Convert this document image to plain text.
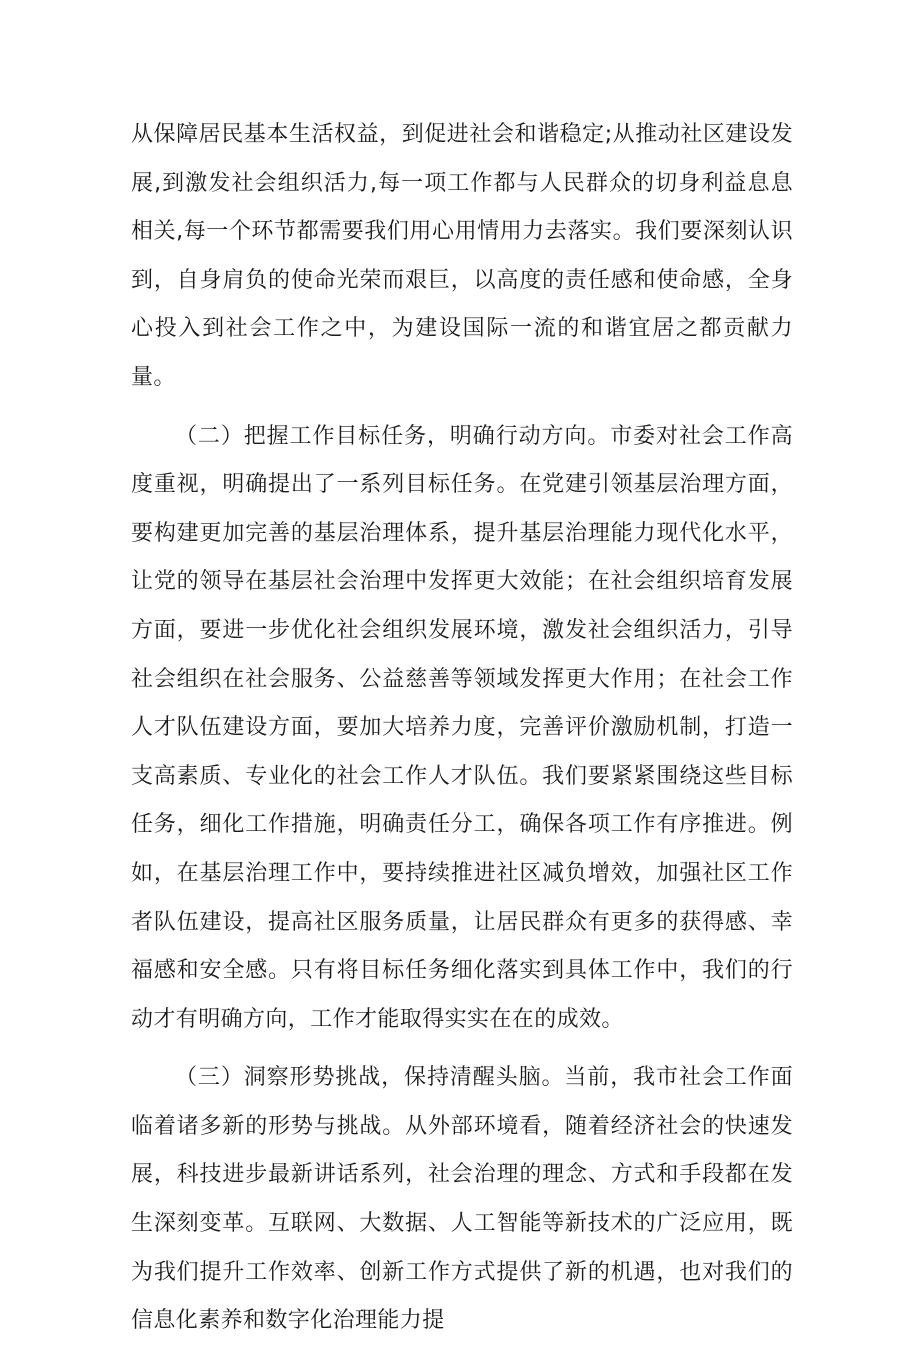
从保障居民基本生活权益，到促进社会和谐稳定;从推动社区建设发展,到激发社会组织活力,每一项工作都与人民群众的切身利益息息相关,每一个环节都需要我们用心用情用力去落实。我们要深刻认识到，自身肩负的使命光荣而艰巨，以高度的责任感和使命感，全身心投入到社会工作之中，为建设国际一流的和谐宜居之都贡献力量。

（二）把握工作目标任务，明确行动方向。市委对社会工作高度重视，明确提出了一系列目标任务。在党建引领基层治理方面，要构建更加完善的基层治理体系，提升基层治理能力现代化水平，让党的领导在基层社会治理中发挥更大效能；在社会组织培育发展方面，要进一步优化社会组织发展环境，激发社会组织活力，引导社会组织在社会服务、公益慈善等领域发挥更大作用；在社会工作人才队伍建设方面，要加大培养力度，完善评价激励机制，打造一支高素质、专业化的社会工作人才队伍。我们要紧紧围绕这些目标任务，细化工作措施，明确责任分工，确保各项工作有序推进。例如，在基层治理工作中，要持续推进社区减负增效，加强社区工作者队伍建设，提高社区服务质量，让居民群众有更多的获得感、幸福感和安全感。只有将目标任务细化落实到具体工作中，我们的行动才有明确方向，工作才能取得实实在在的成效。

（三）洞察形势挑战，保持清醒头脑。当前，我市社会工作面临着诸多新的形势与挑战。从外部环境看，随着经济社会的快速发展，科技进步最新讲话系列，社会治理的理念、方式和手段都在发生深刻变革。互联网、大数据、人工智能等新技术的广泛应用，既为我们提升工作效率、创新工作方式提供了新的机遇，也对我们的信息化素养和数字化治理能力提
